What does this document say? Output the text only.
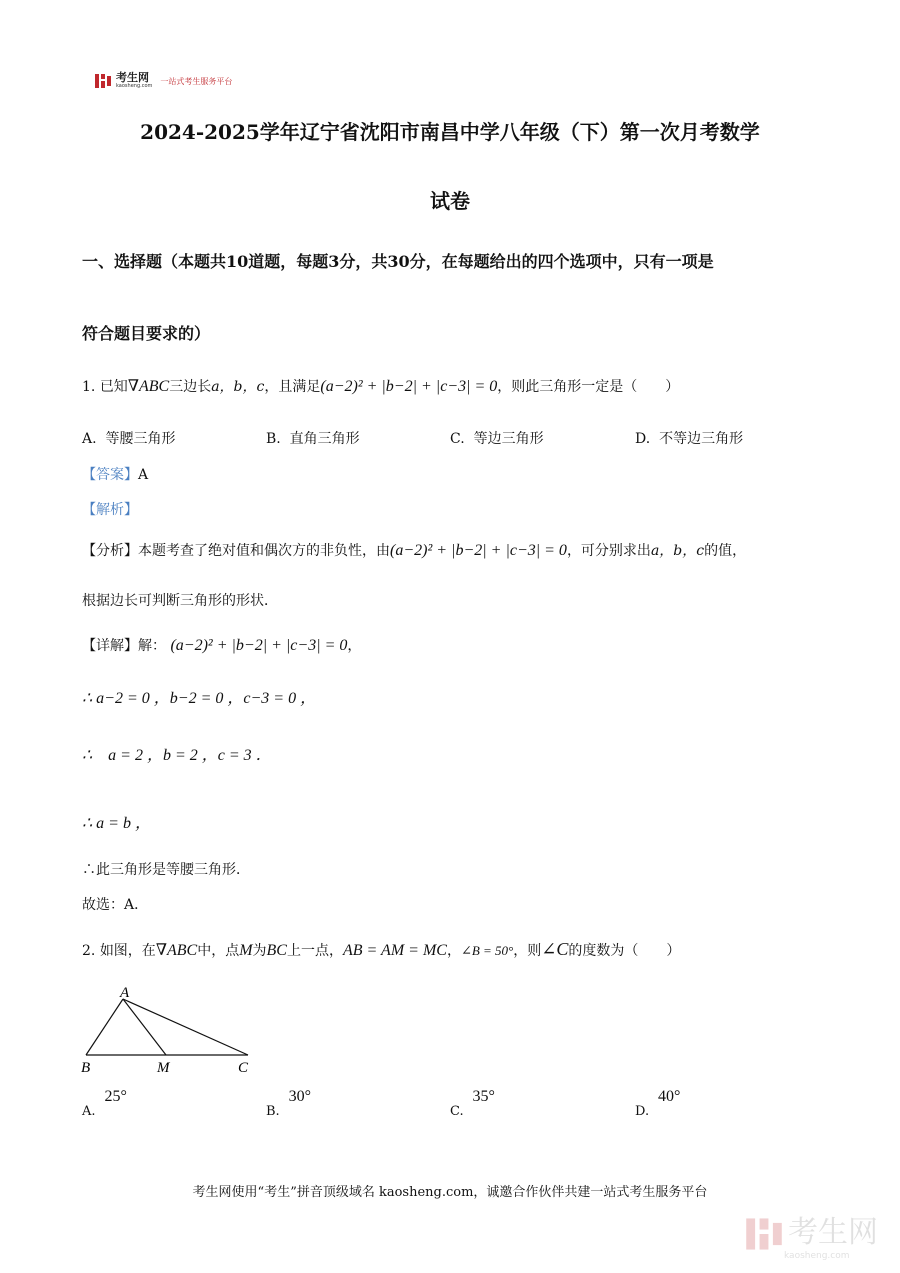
考生网
kaosheng.com
一站式考生服务平台
2024-2025学年辽宁省沈阳市南昌中学八年级（下）第一次月考数学
试卷
一、选择题（本题共10道题，每题3分，共30分，在每题给出的四个选项中，只有一项是
符合题目要求的）
1. 已知∇ABC三边长a，b，c，且满足(a−2)² + |b−2| + |c−3| = 0，则此三角形一定是（　　）
A. 等腰三角形	B. 直角三角形	C. 等边三角形	D. 不等边三角形
【答案】A
【解析】
【分析】本题考查了绝对值和偶次方的非负性，由(a−2)² + |b−2| + |c−3| = 0，可分别求出a，b，c的值，
根据边长可判断三角形的形状．
【详解】解： (a−2)² + |b−2| + |c−3| = 0，
∴ a−2 = 0 ，b−2 = 0 ，c−3 = 0 ，
∴　a = 2 ，b = 2 ，c = 3 ．
∴ a = b ，
∴此三角形是等腰三角形．
故选：A．
2. 如图，在∇ABC中，点M为BC上一点，AB = AM = MC，∠B = 50°，则∠C的度数为（　　）
A
B	M	C
A.  25°
B.  30°
C.  35°
D.  40°
考生网使用“考生”拼音顶级域名 kaosheng.com，诚邀合作伙伴共建一站式考生服务平台
考生网
kaosheng.com
